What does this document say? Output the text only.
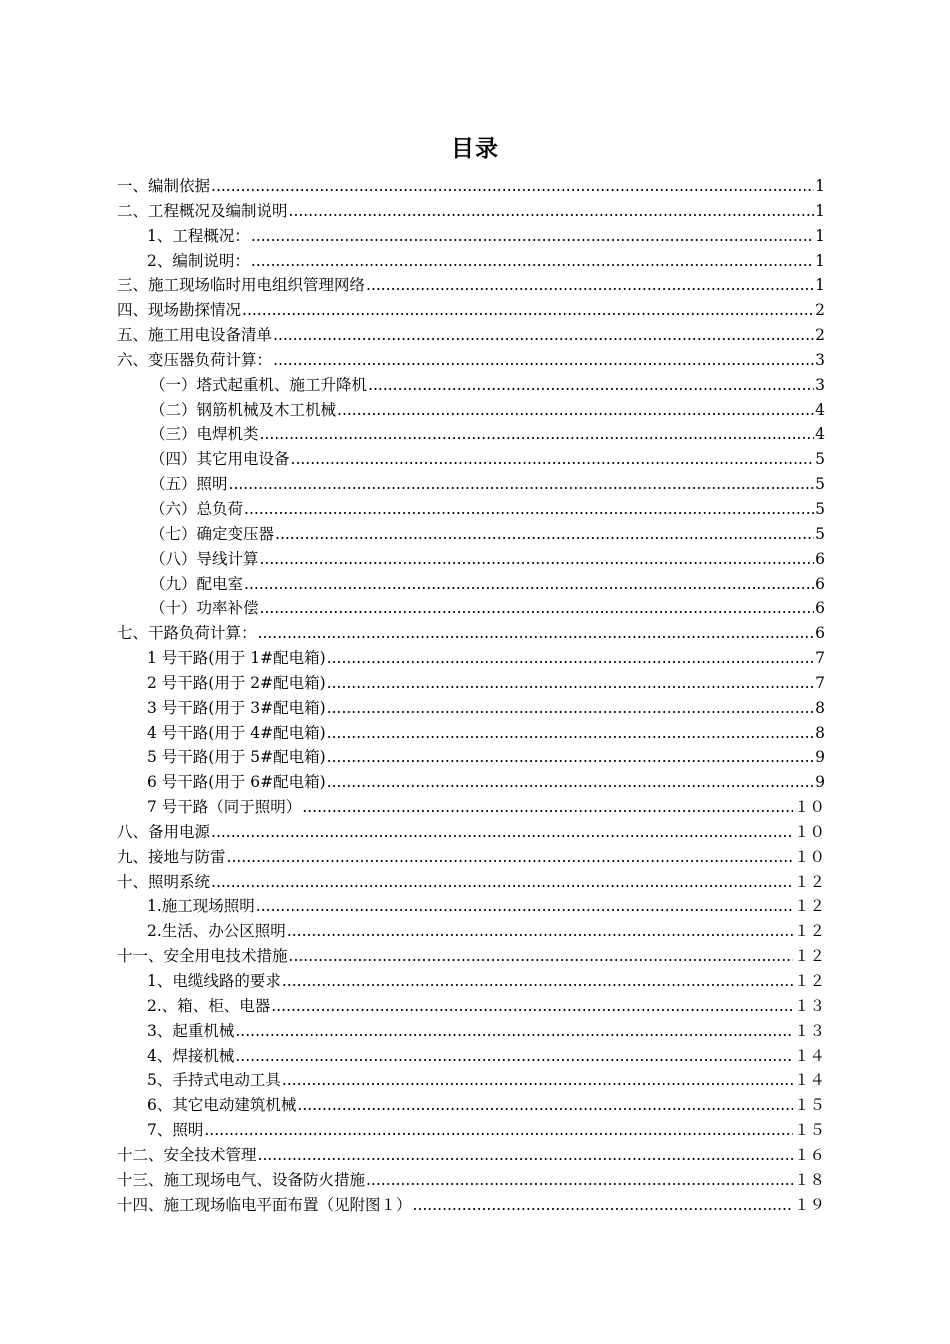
目录
一、编制依据 .....	1
二、工程概况及编制说明 .....	1
1、工程概况： .....	1
2、编制说明： .....	1
三、施工现场临时用电组织管理网络 .....	1
四、现场勘探情况 .....	2
五、施工用电设备清单 .....	2
六、变压器负荷计算： .....	3
（一）塔式起重机、施工升降机 .....	3
（二）钢筋机械及木工机械 .....	4
（三）电焊机类 .....	4
（四）其它用电设备 .....	5
（五）照明 .....	5
（六）总负荷 .....	5
（七）确定变压器 .....	5
（八）导线计算 .....	6
（九）配电室 .....	6
（十）功率补偿 .....	6
七、干路负荷计算： .....	6
1 号干路(用于 1#配电箱) .....	7
2 号干路(用于 2#配电箱) .....	7
3 号干路(用于 3#配电箱) .....	8
4 号干路(用于 4#配电箱) .....	8
5 号干路(用于 5#配电箱) .....	9
6 号干路(用于 6#配电箱) .....	9
7 号干路（同于照明） .....	１０
八、备用电源 .....	１０
九、接地与防雷 .....	１０
十、照明系统 .....	１２
1.施工现场照明 .....	１２
2.生活、办公区照明 .....	１２
十一、安全用电技术措施 .....	１２
1、电缆线路的要求 .....	１２
2.、箱、柜、电器 .....	１３
3、起重机械 .....	１３
4、焊接机械 .....	１４
5、手持式电动工具 .....	１４
6、其它电动建筑机械 .....	１５
7、照明 .....	１５
十二、安全技术管理 .....	１６
十三、施工现场电气、设备防火措施 .....	１８
十四、施工现场临电平面布置（见附图１） .....	１９
